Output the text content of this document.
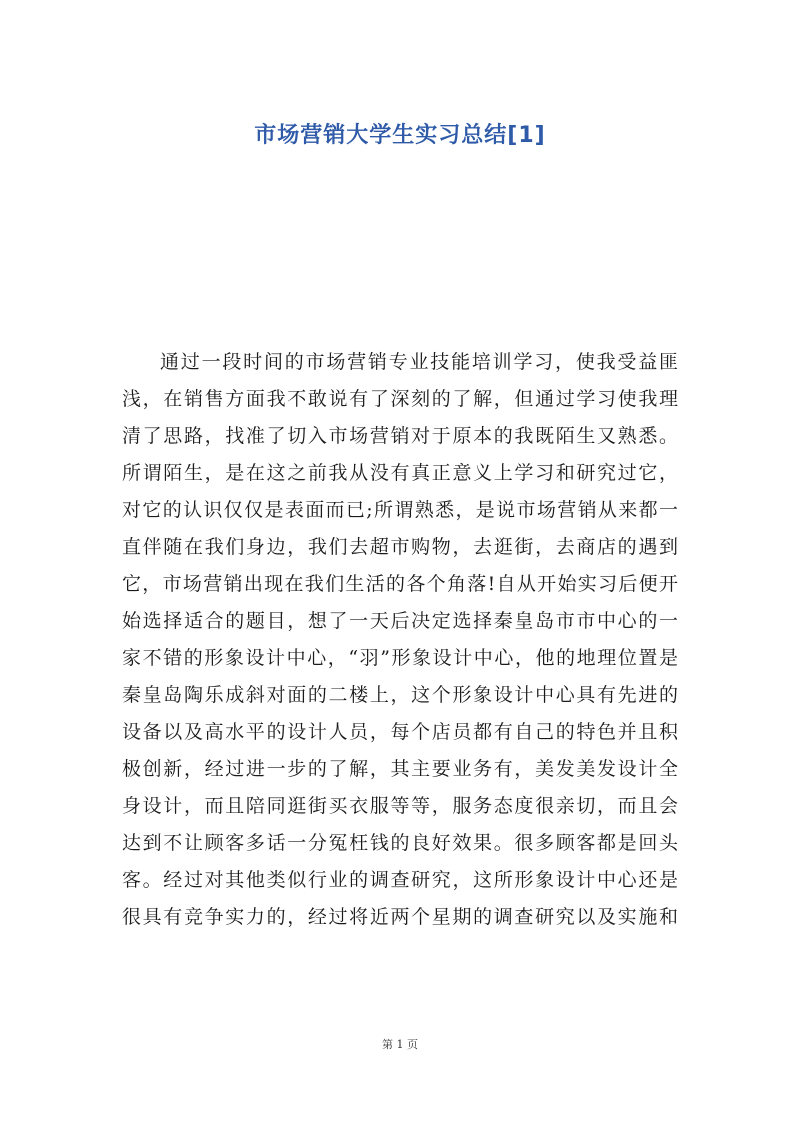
市场营销大学生实习总结[1]
通过一段时间的市场营销专业技能培训学习，使我受益匪
浅，在销售方面我不敢说有了深刻的了解，但通过学习使我理
清了思路，找准了切入市场营销对于原本的我既陌生又熟悉。
所谓陌生，是在这之前我从没有真正意义上学习和研究过它，
对它的认识仅仅是表面而已;所谓熟悉，是说市场营销从来都一
直伴随在我们身边，我们去超市购物，去逛街，去商店的遇到
它，市场营销出现在我们生活的各个角落!自从开始实习后便开
始选择适合的题目，想了一天后决定选择秦皇岛市市中心的一
家不错的形象设计中心，“羽”形象设计中心，他的地理位置是
秦皇岛陶乐成斜对面的二楼上，这个形象设计中心具有先进的
设备以及高水平的设计人员，每个店员都有自己的特色并且积
极创新，经过进一步的了解，其主要业务有，美发美发设计全
身设计，而且陪同逛街买衣服等等，服务态度很亲切，而且会
达到不让顾客多话一分冤枉钱的良好效果。很多顾客都是回头
客。经过对其他类似行业的调查研究，这所形象设计中心还是
很具有竞争实力的，经过将近两个星期的调查研究以及实施和
第 1 页
